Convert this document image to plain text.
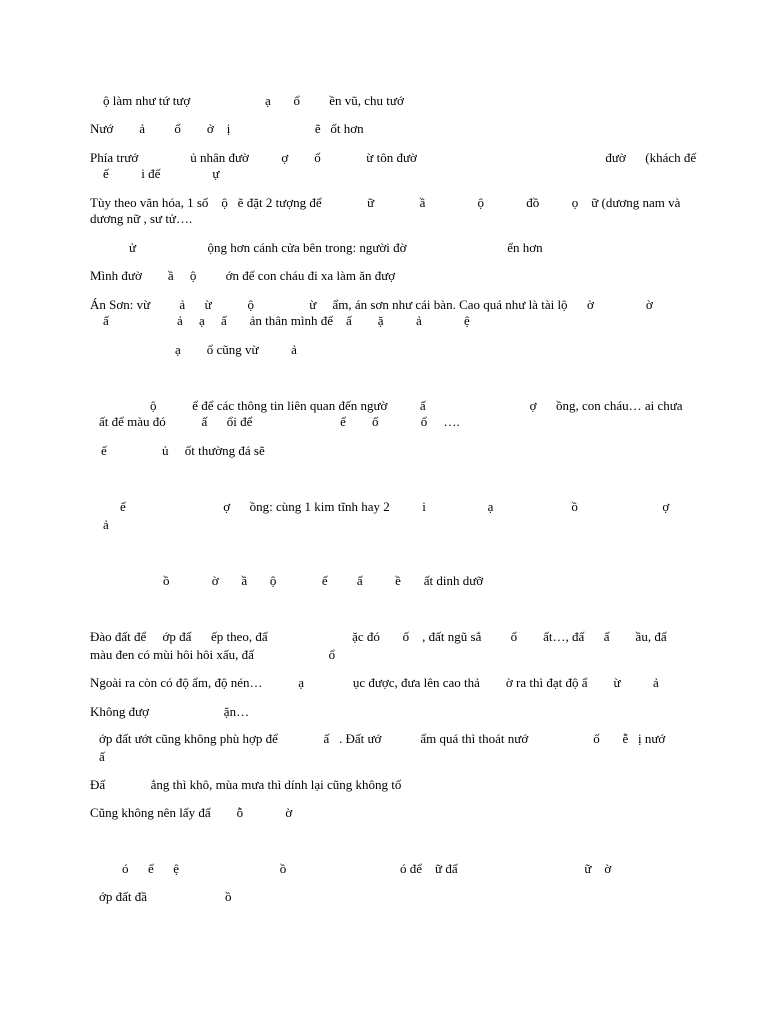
ộ làm như tứ tượ                       ạ       ổ         ền vũ, chu tướ
Nướ        ả         ố        ở    ị                          ẽ   ốt hơn
Phía trướ                ủ nhân đườ          ợ        ổ              ừ tôn đườ                                                          đườ      (khách đế
ế          i đế                ự
Tùy theo văn hóa, 1 số    ộ   ẽ đặt 2 tượng để              ữ              ầ                ộ             đồ          ọ    ữ (dương nam và
dương nữ , sư tử….
ử                      ộng hơn cánh cửa bên trong: người đờ                               ển hơn
Mình đườ        ầ     ộ         ớn để con cháu đi xa làm ăn đượ
Án Sơn: vừ         ả      ừ           ộ                 ừ     ẩm, án sơn như cái bàn. Cao quá như là tài lộ      ờ                ờ
ấ                     ả     ạ     ấ       ản thân mình để    ấ        ặ          ả             ệ
ạ        ổ cũng vừ          ả
ộ           ể để các thông tin liên quan đến ngườ          ấ                                ợ      ồng, con cháu… ai chưa
ất để màu đó           ấ      ổi để                           ể        ố             ổ     ….
ế                 ủ     ốt thường đá sẽ
ế                              ợ      ồng: cùng 1 kim tĩnh hay 2          i                   ạ                        ồ                          ợ
ả
ồ             ờ       ầ       ộ              ế         ấ          ề       ất dinh dưỡ
Đào đất để     ớp đấ      ếp theo, đấ                          ặc đó       ố    , đất ngũ sắ         ố        ất…, đấ      ấ        ầu, đấ
màu đen có mùi hôi hôi xấu, đấ                       ổ
Ngoài ra còn có độ ẩm, độ nén…           ạ               ục được, đưa lên cao thả        ờ ra thì đạt độ ẩ        ừ          ả
Không đượ                       ặn…
ớp đất ướt cũng không phù hợp để              ấ   . Đất ướ            ẩm quá thì thoát nướ                    ố       ễ   ị nướ
ấ
Đấ              ẳng thì khô, mùa mưa thì dính lại cũng không tố
Cũng không nên lấy đấ        ỗ             ờ
ó      ế      ệ                               ồ                                   ó để    ữ đấ                                       ữ    ờ
ớp đất đầ                        ồ
